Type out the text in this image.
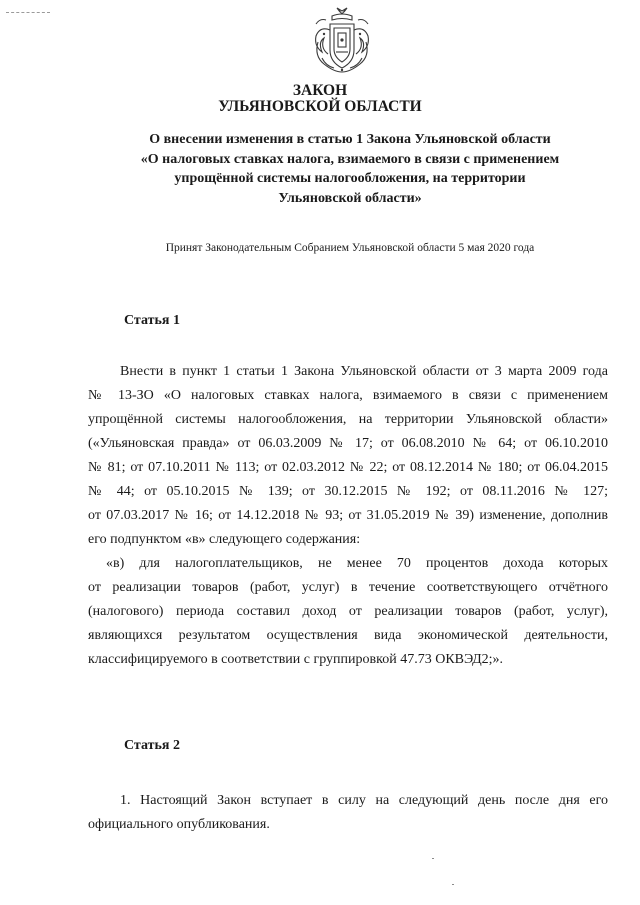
ЗАКОН
УЛЬЯНОВСКОЙ ОБЛАСТИ
О внесении изменения в статью 1 Закона Ульяновской области
«О налоговых ставках налога, взимаемого в связи с применением
упрощённой системы налогообложения, на территории
Ульяновской области»
Принят Законодательным Собранием Ульяновской области 5 мая 2020 года
Статья 1
Внести в пункт 1 статьи 1 Закона Ульяновской области от 3 марта 2009 года
№ 13-ЗО «О налоговых ставках налога, взимаемого в связи с применением
упрощённой системы налогообложения, на территории Ульяновской области»
(«Ульяновская правда» от 06.03.2009 № 17; от 06.08.2010 № 64; от 06.10.2010
№ 81; от 07.10.2011 № 113; от 02.03.2012 № 22; от 08.12.2014 № 180; от 06.04.2015
№ 44; от 05.10.2015 № 139; от 30.12.2015 № 192; от 08.11.2016 № 127;
от 07.03.2017 № 16; от 14.12.2018 № 93; от 31.05.2019 № 39) изменение, дополнив
его подпунктом «в» следующего содержания:
«в) для налогоплательщиков, не менее 70 процентов дохода которых
от реализации товаров (работ, услуг) в течение соответствующего отчётного
(налогового) периода составил доход от реализации товаров (работ, услуг),
являющихся результатом осуществления вида экономической деятельности,
классифицируемого в соответствии с группировкой 47.73 ОКВЭД2;».
Статья 2
1. Настоящий Закон вступает в силу на следующий день после дня его
официального опубликования.
